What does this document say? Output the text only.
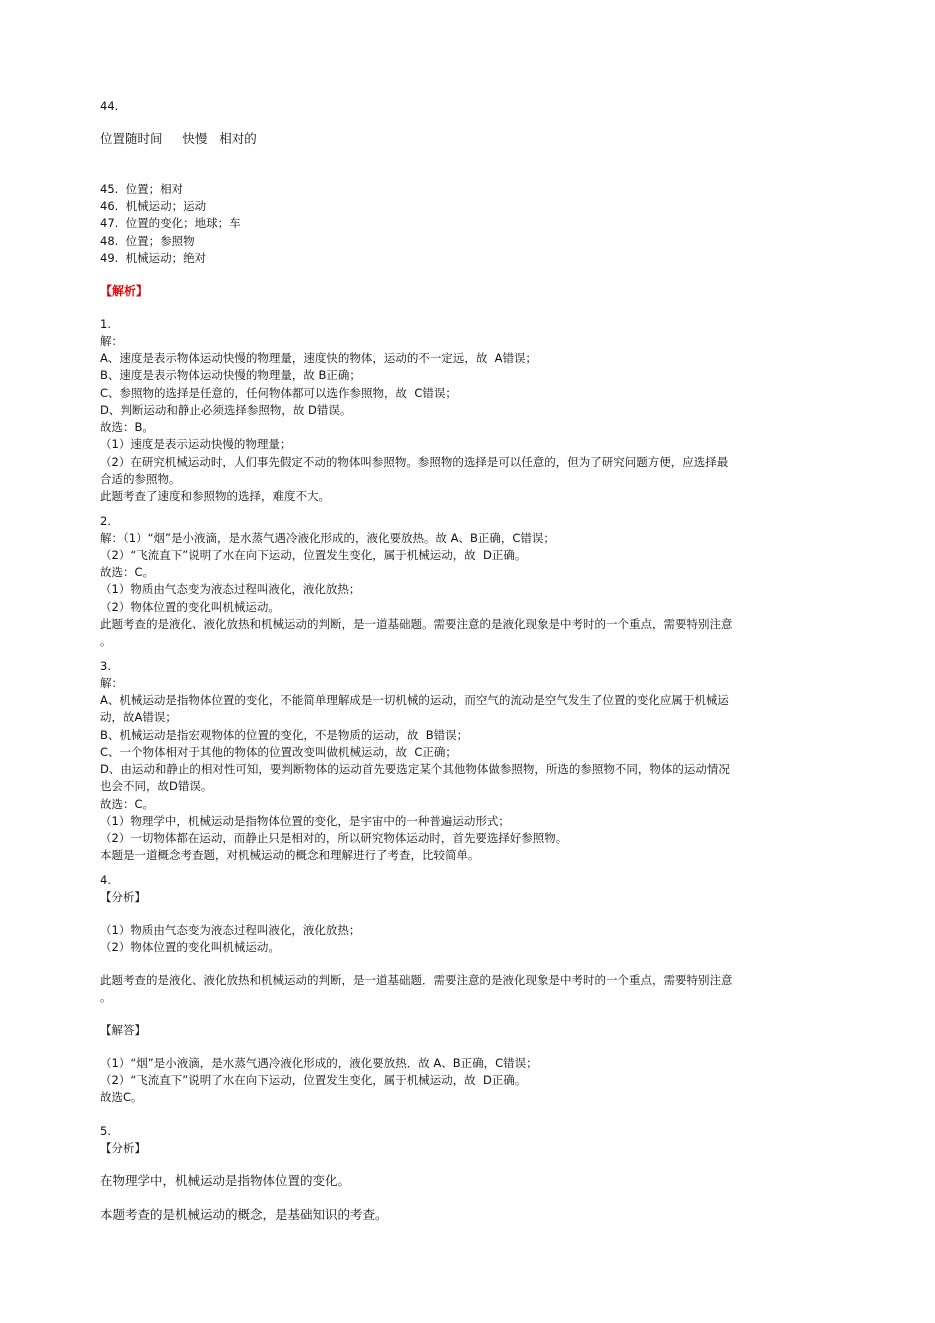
44.
位置随时间     快慢   相对的
45.  位置；相对
46.  机械运动；运动
47.  位置的变化；地球；车
48.  位置；参照物
49.  机械运动；绝对
【解析】
1.
解：
A、速度是表示物体运动快慢的物理量，速度快的物体，运动的不一定远，故  A错误；
B、速度是表示物体运动快慢的物理量，故 B正确；
C、参照物的选择是任意的，任何物体都可以选作参照物，故  C错误；
D、判断运动和静止必须选择参照物，故 D错误。
故选：B。
（1）速度是表示运动快慢的物理量；
（2）在研究机械运动时，人们事先假定不动的物体叫参照物。参照物的选择是可以任意的，但为了研究问题方便，应选择最
合适的参照物。
此题考查了速度和参照物的选择，难度不大。
2.
解：（1）“烟”是小液滴，是水蒸气遇冷液化形成的，液化要放热。故 A、B正确，C错误；
（2）“飞流直下”说明了水在向下运动，位置发生变化，属于机械运动，故  D正确。
故选：C。
（1）物质由气态变为液态过程叫液化，液化放热；
（2）物体位置的变化叫机械运动。
此题考查的是液化、液化放热和机械运动的判断，是一道基础题。需要注意的是液化现象是中考时的一个重点，需要特别注意
。
3.
解：
A、机械运动是指物体位置的变化，不能简单理解成是一切机械的运动，而空气的流动是空气发生了位置的变化应属于机械运
动，故A错误；
B、机械运动是指宏观物体的位置的变化，不是物质的运动，故  B错误；
C、一个物体相对于其他的物体的位置改变叫做机械运动，故  C正确；
D、由运动和静止的相对性可知，要判断物体的运动首先要选定某个其他物体做参照物，所选的参照物不同，物体的运动情况
也会不同，故D错误。
故选：C。
（1）物理学中，机械运动是指物体位置的变化，是宇宙中的一种普遍运动形式；
（2）一切物体都在运动，而静止只是相对的，所以研究物体运动时，首先要选择好参照物。
本题是一道概念考查题，对机械运动的概念和理解进行了考查，比较简单。
4.
【分析】
（1）物质由气态变为液态过程叫液化，液化放热；
（2）物体位置的变化叫机械运动。
此题考查的是液化、液化放热和机械运动的判断，是一道基础题．需要注意的是液化现象是中考时的一个重点，需要特别注意
。
【解答】
（1）“烟”是小液滴，是水蒸气遇冷液化形成的，液化要放热．故 A、B正确，C错误；
（2）“飞流直下”说明了水在向下运动，位置发生变化，属于机械运动，故  D正确。
故选C。
5.
【分析】
在物理学中，机械运动是指物体位置的变化。
本题考查的是机械运动的概念，是基础知识的考查。
